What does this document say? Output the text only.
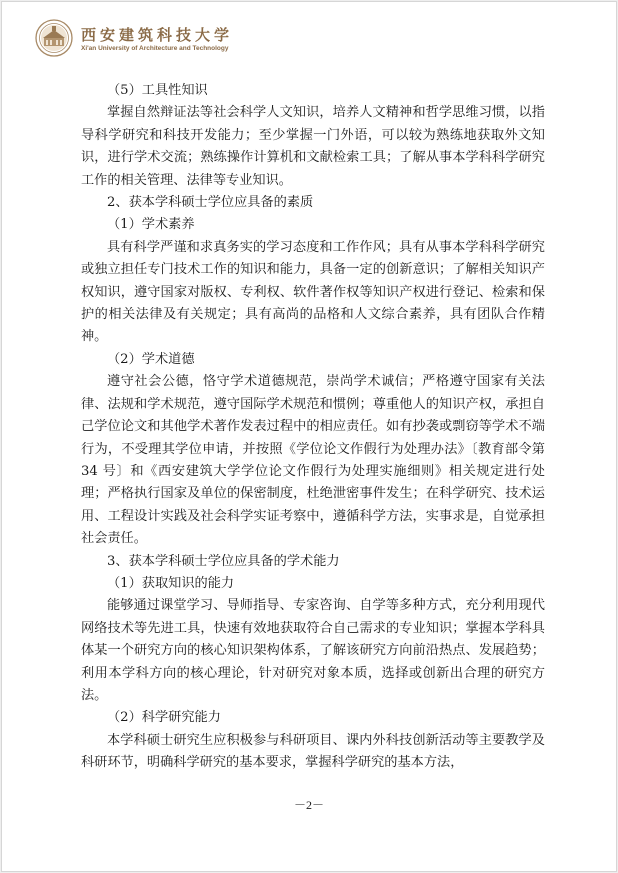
西安建筑科技大学
Xi'an University of Architecture and Technology

（5）工具性知识

掌握自然辩证法等社会科学人文知识，培养人文精神和哲学思维习惯，以指导科学研究和科技开发能力；至少掌握一门外语，可以较为熟练地获取外文知识，进行学术交流；熟练操作计算机和文献检索工具；了解从事本学科科学研究工作的相关管理、法律等专业知识。

2、获本学科硕士学位应具备的素质

（1）学术素养

具有科学严谨和求真务实的学习态度和工作作风；具有从事本学科科学研究或独立担任专门技术工作的知识和能力，具备一定的创新意识；了解相关知识产权知识，遵守国家对版权、专利权、软件著作权等知识产权进行登记、检索和保护的相关法律及有关规定；具有高尚的品格和人文综合素养，具有团队合作精神。

（2）学术道德

遵守社会公德，恪守学术道德规范，崇尚学术诚信；严格遵守国家有关法律、法规和学术规范，遵守国际学术规范和惯例；尊重他人的知识产权，承担自己学位论文和其他学术著作发表过程中的相应责任。如有抄袭或剽窃等学术不端行为，不受理其学位申请，并按照《学位论文作假行为处理办法》〔教育部令第 34 号〕和《西安建筑大学学位论文作假行为处理实施细则》相关规定进行处理；严格执行国家及单位的保密制度，杜绝泄密事件发生；在科学研究、技术运用、工程设计实践及社会科学实证考察中，遵循科学方法，实事求是，自觉承担社会责任。

3、获本学科硕士学位应具备的学术能力

（1）获取知识的能力

能够通过课堂学习、导师指导、专家咨询、自学等多种方式，充分利用现代网络技术等先进工具，快速有效地获取符合自己需求的专业知识；掌握本学科具体某一个研究方向的核心知识架构体系，了解该研究方向前沿热点、发展趋势；利用本学科方向的核心理论，针对研究对象本质，选择或创新出合理的研究方法。

（2）科学研究能力

本学科硕士研究生应积极参与科研项目、课内外科技创新活动等主要教学及科研环节，明确科学研究的基本要求，掌握科学研究的基本方法，

－2－
